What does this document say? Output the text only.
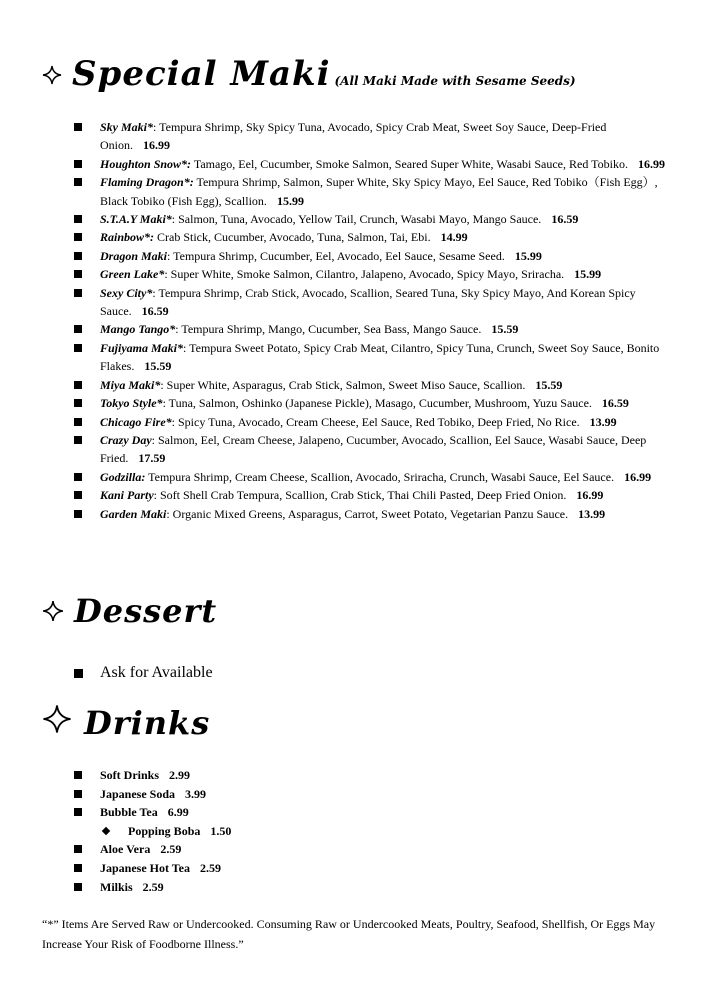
Special Maki (All Maki Made with Sesame Seeds)
Sky Maki*: Tempura Shrimp, Sky Spicy Tuna, Avocado, Spicy Crab Meat, Sweet Soy Sauce, Deep-Fried Onion. 16.99
Houghton Snow*: Tamago, Eel, Cucumber, Smoke Salmon, Seared Super White, Wasabi Sauce, Red Tobiko. 16.99
Flaming Dragon*: Tempura Shrimp, Salmon, Super White, Sky Spicy Mayo, Eel Sauce, Red Tobiko（Fish Egg）, Black Tobiko (Fish Egg), Scallion. 15.99
S.T.A.Y Maki*: Salmon, Tuna, Avocado, Yellow Tail, Crunch, Wasabi Mayo, Mango Sauce. 16.59
Rainbow*: Crab Stick, Cucumber, Avocado, Tuna, Salmon, Tai, Ebi. 14.99
Dragon Maki: Tempura Shrimp, Cucumber, Eel, Avocado, Eel Sauce, Sesame Seed. 15.99
Green Lake*: Super White, Smoke Salmon, Cilantro, Jalapeno, Avocado, Spicy Mayo, Sriracha. 15.99
Sexy City*: Tempura Shrimp, Crab Stick, Avocado, Scallion, Seared Tuna, Sky Spicy Mayo, And Korean Spicy Sauce. 16.59
Mango Tango*: Tempura Shrimp, Mango, Cucumber, Sea Bass, Mango Sauce. 15.59
Fujiyama Maki*: Tempura Sweet Potato, Spicy Crab Meat, Cilantro, Spicy Tuna, Crunch, Sweet Soy Sauce, Bonito Flakes. 15.59
Miya Maki*: Super White, Asparagus, Crab Stick, Salmon, Sweet Miso Sauce, Scallion. 15.59
Tokyo Style*: Tuna, Salmon, Oshinko (Japanese Pickle), Masago, Cucumber, Mushroom, Yuzu Sauce. 16.59
Chicago Fire*: Spicy Tuna, Avocado, Cream Cheese, Eel Sauce, Red Tobiko, Deep Fried, No Rice. 13.99
Crazy Day: Salmon, Eel, Cream Cheese, Jalapeno, Cucumber, Avocado, Scallion, Eel Sauce, Wasabi Sauce, Deep Fried. 17.59
Godzilla: Tempura Shrimp, Cream Cheese, Scallion, Avocado, Sriracha, Crunch, Wasabi Sauce, Eel Sauce. 16.99
Kani Party: Soft Shell Crab Tempura, Scallion, Crab Stick, Thai Chili Pasted, Deep Fried Onion. 16.99
Garden Maki: Organic Mixed Greens, Asparagus, Carrot, Sweet Potato, Vegetarian Panzu Sauce. 13.99
Dessert
Ask for Available
Drinks
Soft Drinks 2.99
Japanese Soda 3.99
Bubble Tea 6.99
Popping Boba 1.50
Aloe Vera 2.59
Japanese Hot Tea 2.59
Milkis 2.59
“*” Items Are Served Raw or Undercooked. Consuming Raw or Undercooked Meats, Poultry, Seafood, Shellfish, Or Eggs May Increase Your Risk of Foodborne Illness.”
